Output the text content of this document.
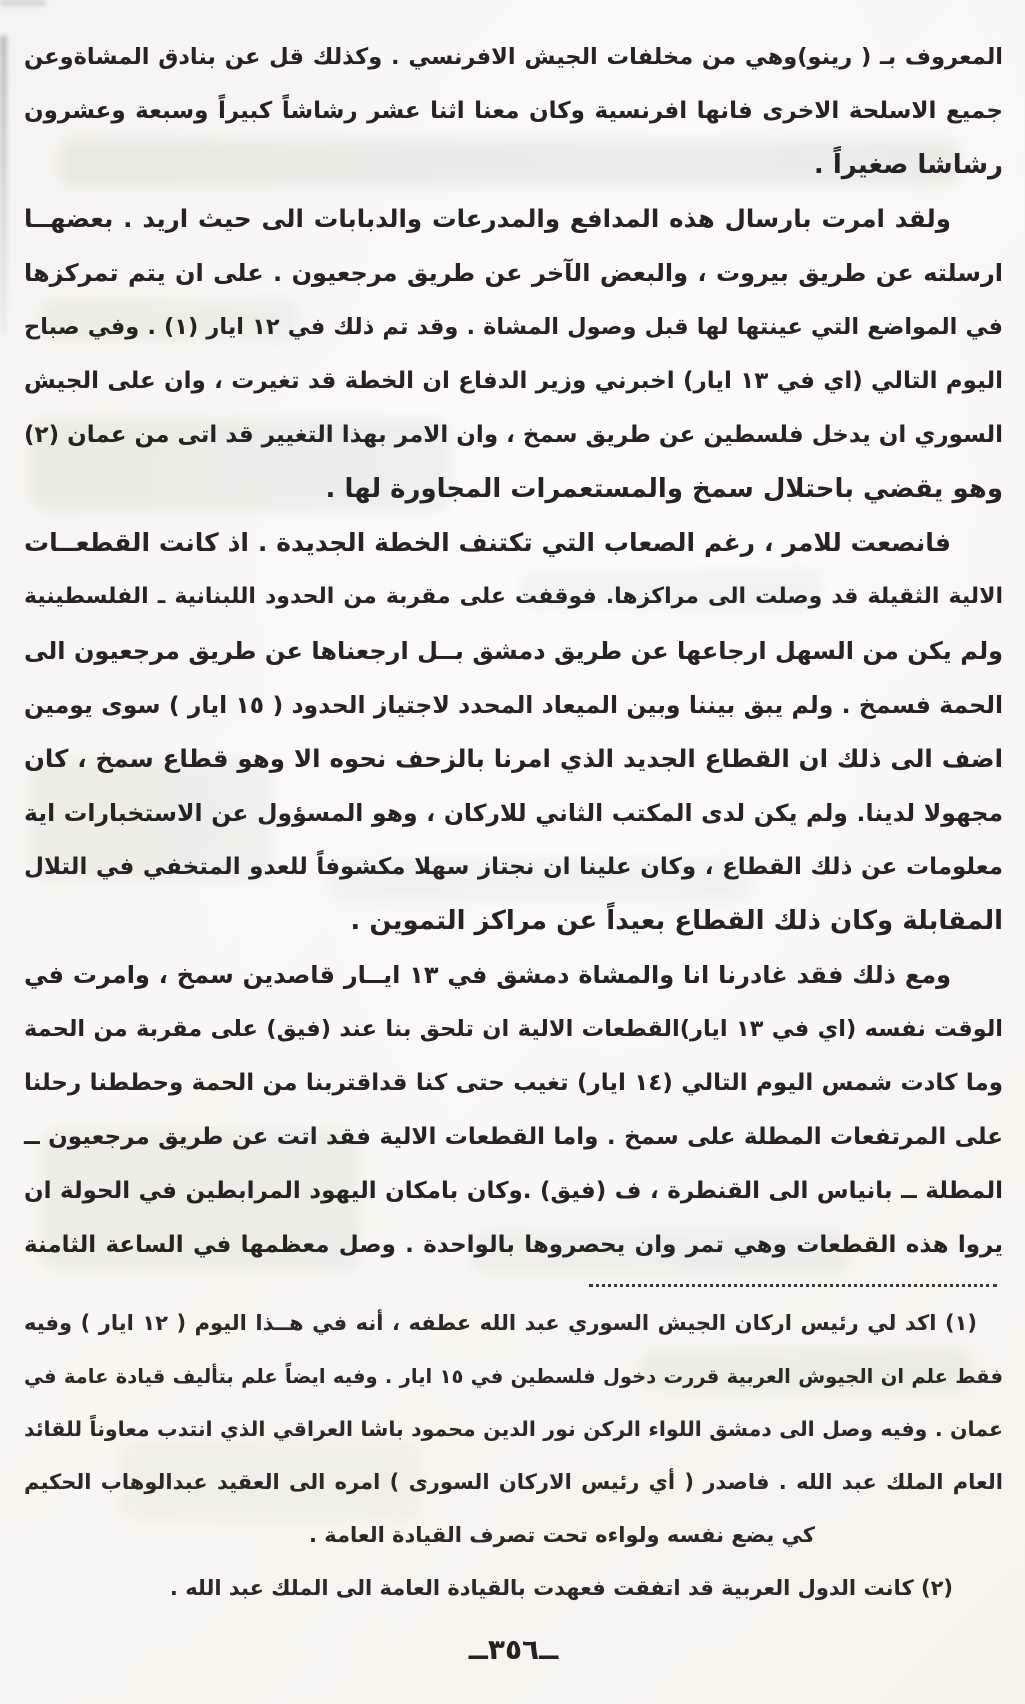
المعروف بـ ( رينو)وهي من مخلفات الجيش الافرنسي . وكذلك قل عن بنادق المشاةوعن
جميع الاسلحة الاخرى فانها افرنسية وكان معنا اثنا عشر رشاشاً كبيراً وسبعة وعشرون
رشاشا صغيراً .
ولقد امرت بارسال هذه المدافع والمدرعات والدبابات الى حيث اريد . بعضهــا
ارسلته عن طريق بيروت ، والبعض الآخر عن طريق مرجعيون . على ان يتم تمركزها
في المواضع التي عينتها لها قبل وصول المشاة . وقد تم ذلك في ١٢ ايار (١) . وفي صباح
اليوم التالي (اي في ١٣ ايار) اخبرني وزير الدفاع ان الخطة قد تغيرت ، وان على الجيش
السوري ان يدخل فلسطين عن طريق سمخ ، وان الامر بهذا التغيير قد اتى من عمان (٢)
وهو يقضي باحتلال سمخ والمستعمرات المجاورة لها .
فانصعت للامر ، رغم الصعاب التي تكتنف الخطة الجديدة . اذ كانت القطعــات
الالية الثقيلة قد وصلت الى مراكزها. فوقفت على مقربة من الحدود اللبنانية ـ الفلسطينية
ولم يكن من السهل ارجاعها عن طريق دمشق بــل ارجعناها عن طريق مرجعيون الى
الحمة فسمخ . ولم يبق بيننا وبين الميعاد المحدد لاجتياز الحدود ( ١٥ ايار ) سوى يومين
اضف الى ذلك ان القطاع الجديد الذي امرنا بالزحف نحوه الا وهو قطاع سمخ ، كان
مجهولا لدينا. ولم يكن لدى المكتب الثاني للاركان ، وهو المسؤول عن الاستخبارات اية
معلومات عن ذلك القطاع ، وكان علينا ان نجتاز سهلا مكشوفاً للعدو المتخفي في التلال
المقابلة وكان ذلك القطاع بعيداً عن مراكز التموين .
ومع ذلك فقد غادرنا انا والمشاة دمشق في ١٣ ايــار قاصدين سمخ ، وامرت في
الوقت نفسه (اي في ١٣ ايار)القطعات الالية ان تلحق بنا عند (فيق) على مقربة من الحمة
وما كادت شمس اليوم التالي (١٤ ايار) تغيب حتى كنا قداقتربنا من الحمة وحططنا رحلنا
على المرتفعات المطلة على سمخ . واما القطعات الالية فقد اتت عن طريق مرجعيون ــ
المطلة ــ بانياس الى القنطرة ، ف (فيق) .وكان بامكان اليهود المرابطين في الحولة ان
يروا هذه القطعات وهي تمر وان يحصروها بالواحدة . وصل معظمها في الساعة الثامنة
(١) اكد لي رئيس اركان الجيش السوري عبد الله عطفه ، أنه في هــذا اليوم ( ١٢ ايار ) وفيه
فقط علم ان الجيوش العربية قررت دخول فلسطين في ١٥ ايار . وفيه ايضاً علم بتأليف قيادة عامة في
عمان . وفيه وصل الى دمشق اللواء الركن نور الدين محمود باشا العراقي الذي انتدب معاوناً للقائد
العام الملك عبد الله . فاصدر ( أي رئيس الاركان السورى ) امره الى العقيد عبدالوهاب الحكيم
كي يضع نفسه ولواءه تحت تصرف القيادة العامة .
(٢) كانت الدول العربية قد اتفقت فعهدت بالقيادة العامة الى الملك عبد الله .
ــ٣٥٦ــ
